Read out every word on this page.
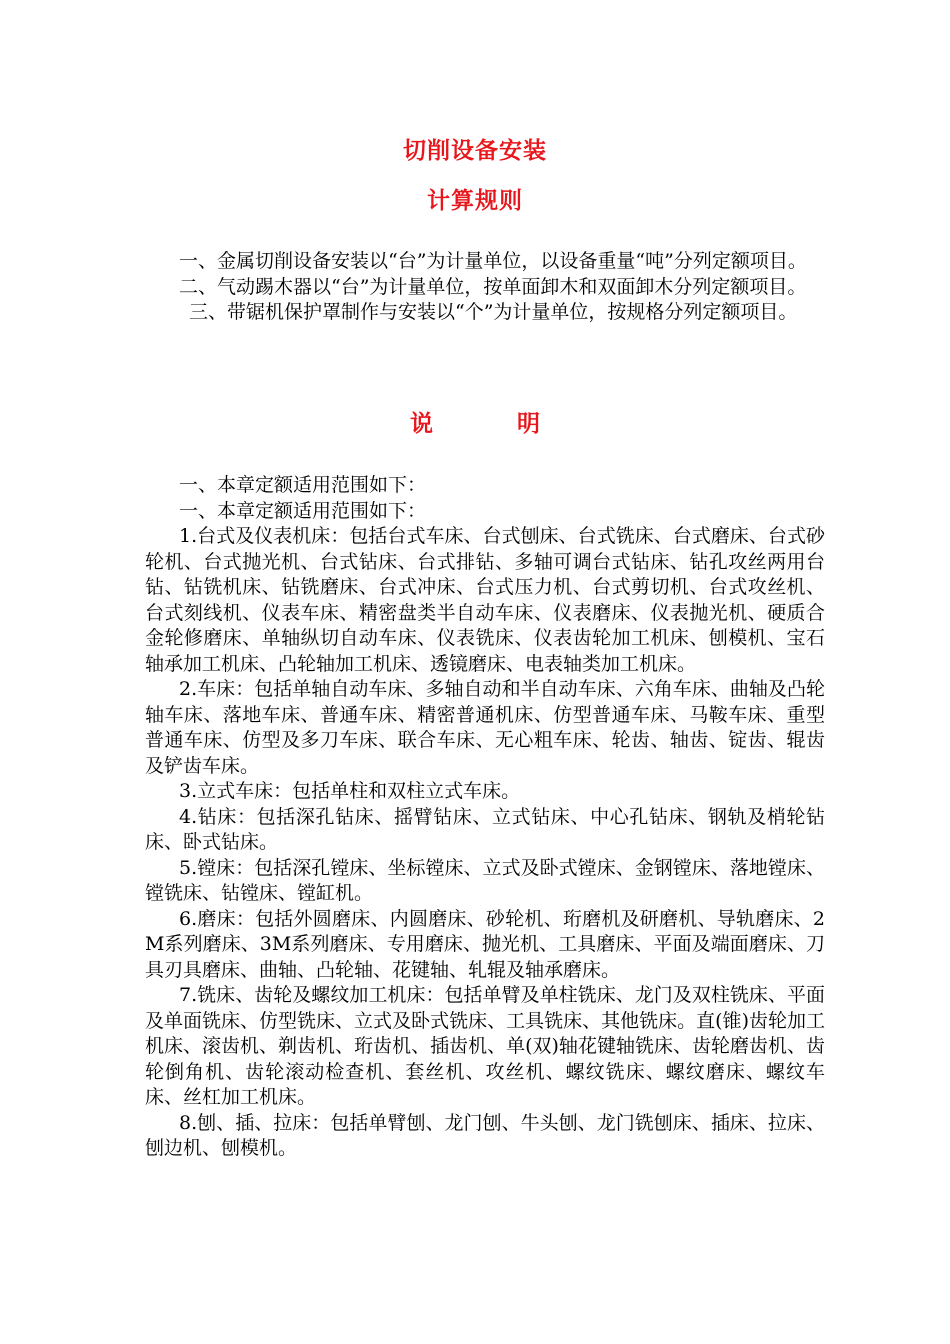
切削设备安装
计算规则

一、金属切削设备安装以“台”为计量单位，以设备重量“吨”分列定额项目。

二、气动踢木器以“台”为计量单位，按单面卸木和双面卸木分列定额项目。

三、带锯机保护罩制作与安装以“个”为计量单位，按规格分列定额项目。

说	明

一、本章定额适用范围如下：

一、本章定额适用范围如下：

1.台式及仪表机床：包括台式车床、台式刨床、台式铣床、台式磨床、台式砂轮机、台式抛光机、台式钻床、台式排钻、多轴可调台式钻床、钻孔攻丝两用台钻、钻铣机床、钻铣磨床、台式冲床、台式压力机、台式剪切机、台式攻丝机、台式刻线机、仪表车床、精密盘类半自动车床、仪表磨床、仪表抛光机、硬质合金轮修磨床、单轴纵切自动车床、仪表铣床、仪表齿轮加工机床、刨模机、宝石轴承加工机床、凸轮轴加工机床、透镜磨床、电表轴类加工机床。

2.车床：包括单轴自动车床、多轴自动和半自动车床、六角车床、曲轴及凸轮轴车床、落地车床、普通车床、精密普通机床、仿型普通车床、马鞍车床、重型普通车床、仿型及多刀车床、联合车床、无心粗车床、轮齿、轴齿、锭齿、辊齿及铲齿车床。

3.立式车床：包括单柱和双柱立式车床。

4.钻床：包括深孔钻床、摇臂钻床、立式钻床、中心孔钻床、钢轨及梢轮钻床、卧式钻床。

5.镗床：包括深孔镗床、坐标镗床、立式及卧式镗床、金钢镗床、落地镗床、镗铣床、钻镗床、镗缸机。

6.磨床：包括外圆磨床、内圆磨床、砂轮机、珩磨机及研磨机、导轨磨床、2M系列磨床、3M系列磨床、专用磨床、抛光机、工具磨床、平面及端面磨床、刀具刃具磨床、曲轴、凸轮轴、花键轴、轧辊及轴承磨床。

7.铣床、齿轮及螺纹加工机床：包括单臂及单柱铣床、龙门及双柱铣床、平面及单面铣床、仿型铣床、立式及卧式铣床、工具铣床、其他铣床。直(锥)齿轮加工机床、滚齿机、剃齿机、珩齿机、插齿机、单(双)轴花键轴铣床、齿轮磨齿机、齿轮倒角机、齿轮滚动检查机、套丝机、攻丝机、螺纹铣床、螺纹磨床、螺纹车床、丝杠加工机床。

8.刨、插、拉床：包括单臂刨、龙门刨、牛头刨、龙门铣刨床、插床、拉床、刨边机、刨模机。
